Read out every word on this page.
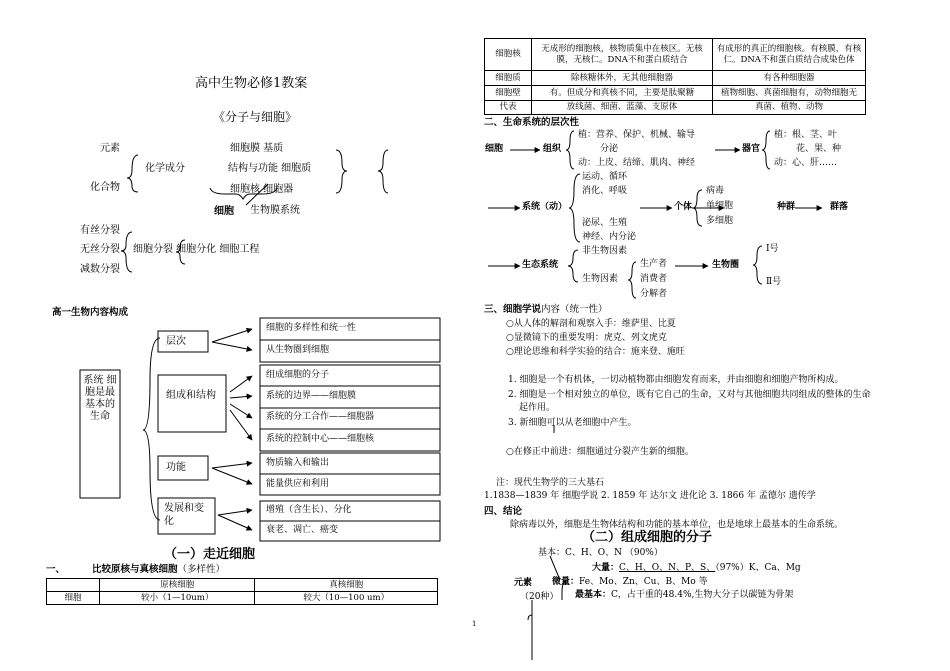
高中生物必修1教案
《分子与细胞》
元素
化合物
化学成分
细胞膜 基质
结构与功能 细胞质
细胞核 细胞器
细胞 生物膜系统
有丝分裂
无丝分裂
减数分裂
细胞分裂 细胞分化 细胞工程
高一生物内容构成
系统 细胞是最基本的生命
层次
组成和结构
功能
发展和变化
细胞的多样性和统一性
从生物圈到细胞
组成细胞的分子
系统的边界——细胞膜
系统的分工合作——细胞器
系统的控制中心——细胞核
物质输入和输出
能量供应和利用
增殖（含生长）、分化
衰老、凋亡、癌变
（一）走近细胞
一、	比较原核与真核细胞（多样性）
	原核细胞	真核细胞
细胞	较小（1—10um）	较大（10—100 um）
1
细胞核	无成形的细胞核，核物质集中在核区。无核膜，无核仁。DNA不和蛋白质结合	有成形的真正的细胞核。有核膜，有核仁。DNA不和蛋白质结合成染色体
细胞质	除核糖体外，无其他细胞器	有各种细胞器
细胞壁	有。但成分和真核不同，主要是肽聚糖	植物细胞、真菌细胞有，动物细胞无
代表	放线菌、细菌、蓝藻、支原体	真菌、植物、动物
二、生命系统的层次性
细胞	组织
植：营养、保护、机械、输导
分泌
动：上皮、结缔、肌肉、神经
器官
植：根、茎、叶
花、果、种
动：心、肝……
运动、循环
消化、呼吸
泌尿、生殖
神经、内分泌
系统（动）	个体
病毒
单细胞
多细胞
种群	群落
生态系统
非生物因素
生物因素
生产者
消费者
分解者
生物圈
Ⅰ号
Ⅱ号
三、细胞学说内容（统一性）
○从人体的解剖和观察入手：维萨里、比夏
○显微镜下的重要发明：虎克、列文虎克
○理论思维和科学实验的结合：施来登、施旺
1. 细胞是一个有机体，一切动植物都由细胞发育而来，并由细胞和细胞产物所构成。
2. 细胞是一个相对独立的单位，既有它自己的生命，又对与其他细胞共同组成的整体的生命
起作用。
3. 新细胞可以从老细胞中产生。
○在修正中前进：细胞通过分裂产生新的细胞。
注：现代生物学的三大基石
1.1838—1839 年 细胞学说 2. 1859 年 达尔文 进化论 3. 1866 年 孟德尔 遗传学
四、结论
除病毒以外，细胞是生物体结构和功能的基本单位，也是地球上最基本的生命系统。
（二）组成细胞的分子
基本：C、H、O、N （90%）
大量：C、H、O、N、P、S、（97%）K、Ca、Mg
元素 微量：Fe、Mo、Zn、Cu、B、Mo 等
（20种） 最基本：C，占干重的48.4%,生物大分子以碳链为骨架
